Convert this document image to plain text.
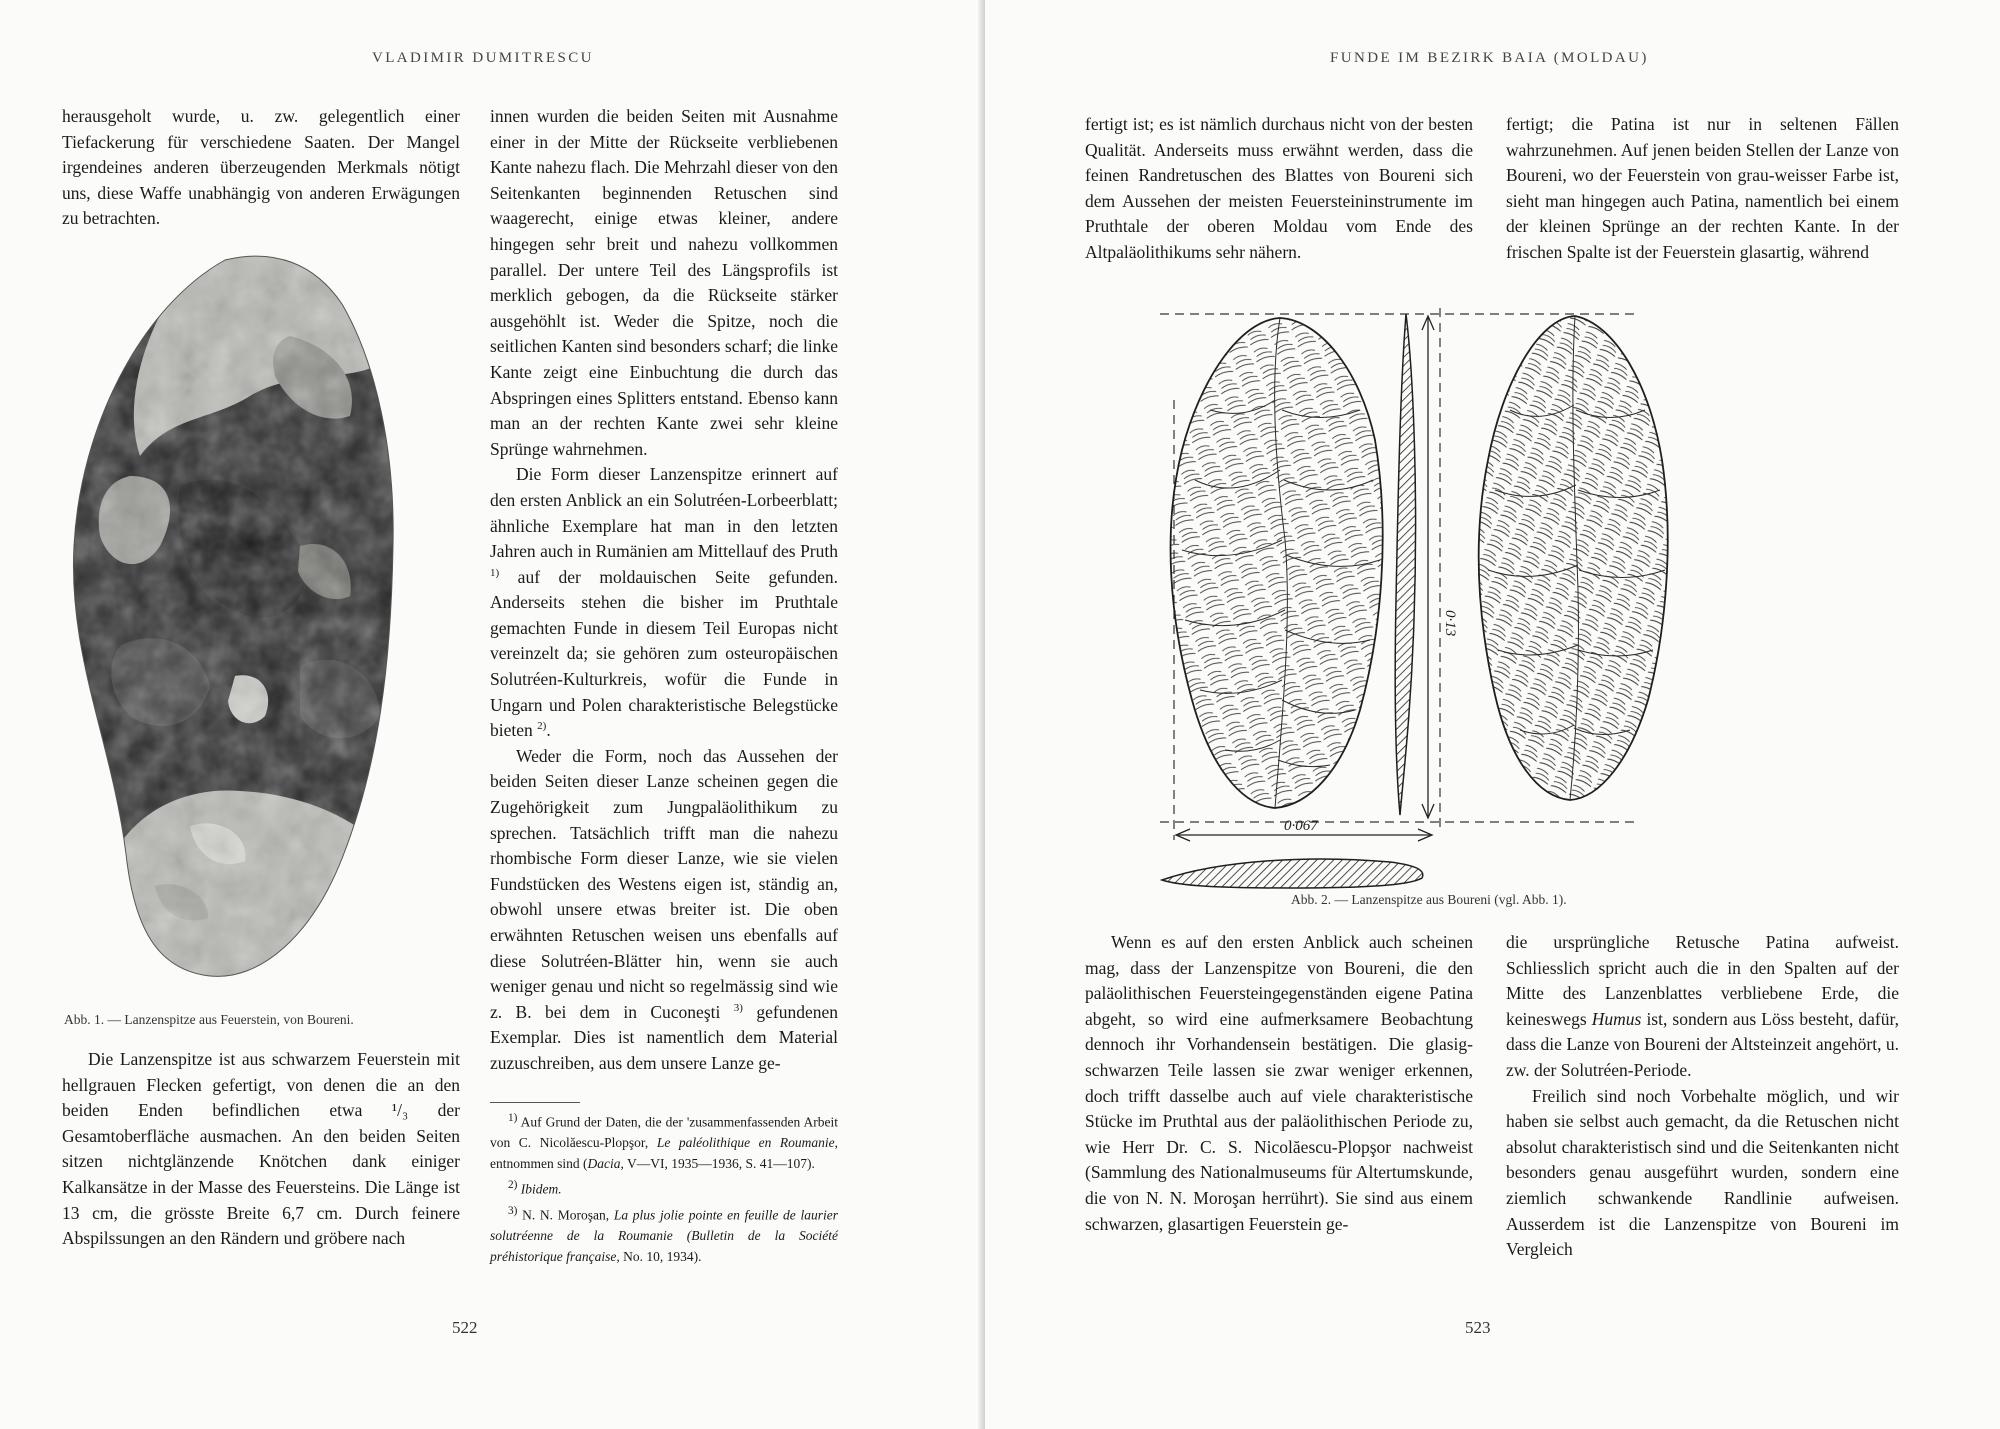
VLADIMIR DUMITRESCU

herausgeholt wurde, u. zw. gelegentlich einer Tiefackerung für verschiedene Saaten. Der Mangel irgendeines anderen überzeugenden Merkmals nötigt uns, diese Waffe unabhängig von anderen Erwägungen zu betrachten.

Abb. 1. — Lanzenspitze aus Feuerstein, von Boureni.

Die Lanzenspitze ist aus schwarzem Feuerstein mit hellgrauen Flecken gefertigt, von denen die an den beiden Enden befindlichen etwa ¹/₃ der Gesamtoberfläche ausmachen. An den beiden Seiten sitzen nichtglänzende Knötchen dank einiger Kalkansätze in der Masse des Feuersteins. Die Länge ist 13 cm, die grösste Breite 6,7 cm. Durch feinere Abspilssungen an den Rändern und gröbere nach

innen wurden die beiden Seiten mit Ausnahme einer in der Mitte der Rückseite verbliebenen Kante nahezu flach. Die Mehrzahl dieser von den Seitenkanten beginnenden Retuschen sind waagerecht, einige etwas kleiner, andere hingegen sehr breit und nahezu vollkommen parallel. Der untere Teil des Längsprofils ist merklich gebogen, da die Rückseite stärker ausgehöhlt ist. Weder die Spitze, noch die seitlichen Kanten sind besonders scharf; die linke Kante zeigt eine Einbuchtung die durch das Abspringen eines Splitters entstand. Ebenso kann man an der rechten Kante zwei sehr kleine Sprünge wahrnehmen.

Die Form dieser Lanzenspitze erinnert auf den ersten Anblick an ein Solutréen-Lorbeerblatt; ähnliche Exemplare hat man in den letzten Jahren auch in Rumänien am Mittellauf des Pruth $^{1)}$ auf der moldauischen Seite gefunden. Anderseits stehen die bisher im Pruthtale gemachten Funde in diesem Teil Europas nicht vereinzelt da; sie gehören zum osteuropäischen Solutréen-Kulturkreis, wofür die Funde in Ungarn und Polen charakteristische Belegstücke bieten $^{2)}$.

Weder die Form, noch das Aussehen der beiden Seiten dieser Lanze scheinen gegen die Zugehörigkeit zum Jungpaläolithikum zu sprechen. Tatsächlich trifft man die nahezu rhombische Form dieser Lanze, wie sie vielen Fundstücken des Westens eigen ist, ständig an, obwohl unsere etwas breiter ist. Die oben erwähnten Retuschen weisen uns ebenfalls auf diese Solutréen-Blätter hin, wenn sie auch weniger genau und nicht so regelmässig sind wie z. B. bei dem in Cuconeşti $^{3)}$ gefundenen Exemplar. Dies ist namentlich dem Material zuzuschreiben, aus dem unsere Lanze ge-

$^{1)}$ Auf Grund der Daten, die der 'zusammenfassenden Arbeit von C. Nicolăescu-Plopşor, Le paléolithique en Roumanie, entnommen sind (Dacia, V—VI, 1935—1936, S. 41—107).

$^{2)}$ Ibidem.

$^{3)}$ N. N. Moroşan, La plus jolie pointe en feuille de laurier solutréenne de la Roumanie (Bulletin de la Société préhistorique française, No. 10, 1934).

522
FUNDE IM BEZIRK BAIA (MOLDAU)

fertigt ist; es ist nämlich durchaus nicht von der besten Qualität. Anderseits muss erwähnt werden, dass die feinen Randretuschen des Blattes von Boureni sich dem Aussehen der meisten Feuersteininstrumente im Pruthtale der oberen Moldau vom Ende des Altpaläolithikums sehr nähern.

fertigt; die Patina ist nur in seltenen Fällen wahrzunehmen. Auf jenen beiden Stellen der Lanze von Boureni, wo der Feuerstein von grau-weisser Farbe ist, sieht man hingegen auch Patina, namentlich bei einem der kleinen Sprünge an der rechten Kante. In der frischen Spalte ist der Feuerstein glasartig, während

0·13
0·067
Abb. 2. — Lanzenspitze aus Boureni (vgl. Abb. 1).

Wenn es auf den ersten Anblick auch scheinen mag, dass der Lanzenspitze von Boureni, die den paläolithischen Feuersteingegenständen eigene Patina abgeht, so wird eine aufmerksamere Beobachtung dennoch ihr Vorhandensein bestätigen. Die glasig-schwarzen Teile lassen sie zwar weniger erkennen, doch trifft dasselbe auch auf viele charakteristische Stücke im Pruthtal aus der paläolithischen Periode zu, wie Herr Dr. C. S. Nicolăescu-Plopşor nachweist (Sammlung des Nationalmuseums für Altertumskunde, die von N. N. Moroşan herrührt). Sie sind aus einem schwarzen, glasartigen Feuerstein ge-

die ursprüngliche Retusche Patina aufweist. Schliesslich spricht auch die in den Spalten auf der Mitte des Lanzenblattes verbliebene Erde, die keineswegs Humus ist, sondern aus Löss besteht, dafür, dass die Lanze von Boureni der Altsteinzeit angehört, u. zw. der Solutréen-Periode.

Freilich sind noch Vorbehalte möglich, und wir haben sie selbst auch gemacht, da die Retuschen nicht absolut charakteristisch sind und die Seitenkanten nicht besonders genau ausgeführt wurden, sondern eine ziemlich schwankende Randlinie aufweisen. Ausserdem ist die Lanzenspitze von Boureni im Vergleich

523
